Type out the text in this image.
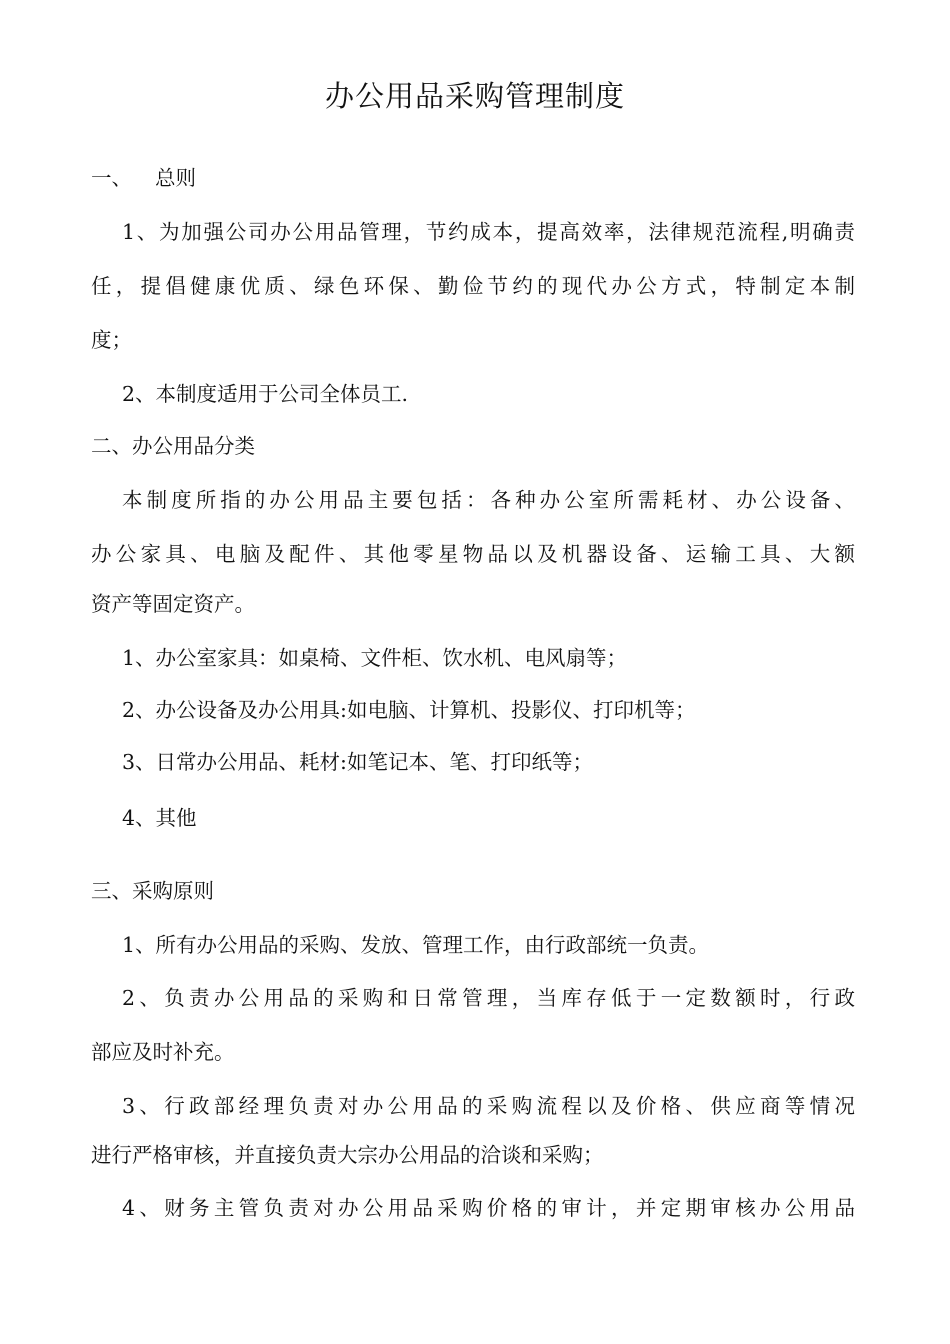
办公用品采购管理制度
一、 总则
1、为加强公司办公用品管理，节约成本，提高效率，法律规范流程,明确责
任，提倡健康优质、绿色环保、勤俭节约的现代办公方式，特制定本制
度；
2、本制度适用于公司全体员工.
二、办公用品分类
本制度所指的办公用品主要包括：各种办公室所需耗材、办公设备、
办公家具、电脑及配件、其他零星物品以及机器设备、运输工具、大额
资产等固定资产。
1、办公室家具：如桌椅、文件柜、饮水机、电风扇等；
2、办公设备及办公用具:如电脑、计算机、投影仪、打印机等；
3、日常办公用品、耗材:如笔记本、笔、打印纸等；
4、其他
三、采购原则
1、所有办公用品的采购、发放、管理工作，由行政部统一负责。
2、负责办公用品的采购和日常管理，当库存低于一定数额时，行政
部应及时补充。
3、行政部经理负责对办公用品的采购流程以及价格、供应商等情况
进行严格审核，并直接负责大宗办公用品的洽谈和采购；
4、财务主管负责对办公用品采购价格的审计，并定期审核办公用品
